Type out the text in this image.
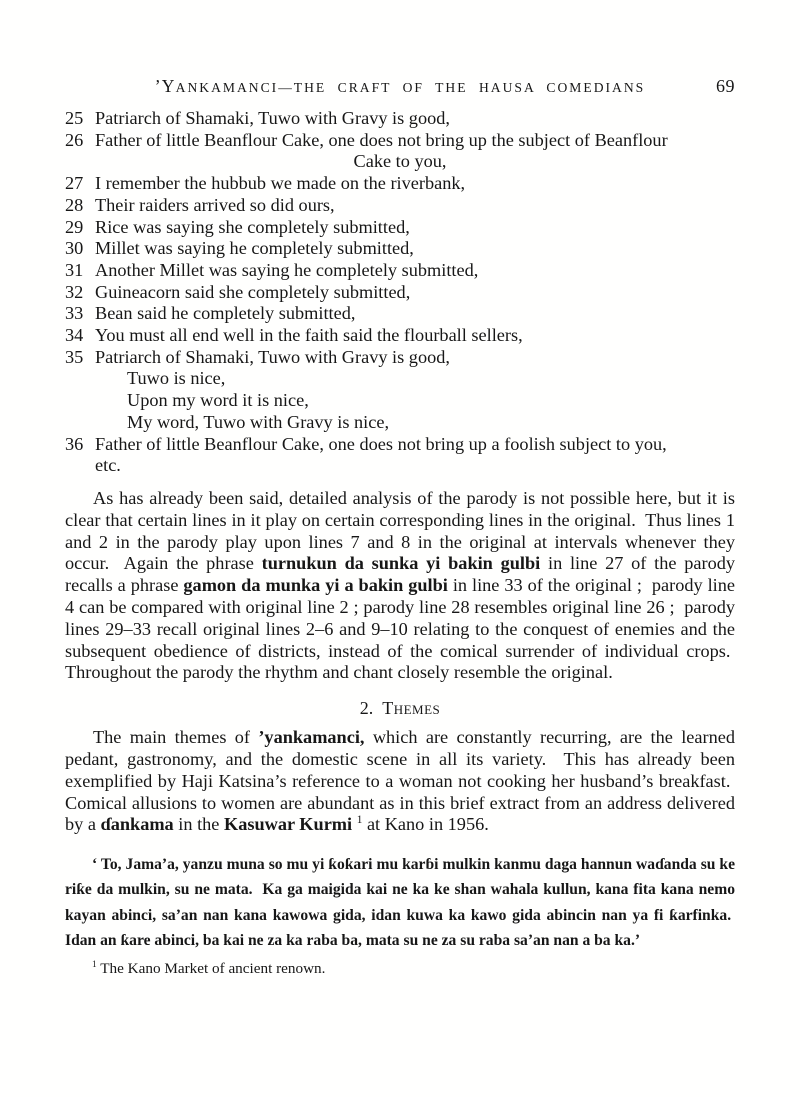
’YANKAMANCI—THE CRAFT OF THE HAUSA COMEDIANS	69
25 Patriarch of Shamaki, Tuwo with Gravy is good,
26 Father of little Beanflour Cake, one does not bring up the subject of Beanflour
Cake to you,
27 I remember the hubbub we made on the riverbank,
28 Their raiders arrived so did ours,
29 Rice was saying she completely submitted,
30 Millet was saying he completely submitted,
31 Another Millet was saying he completely submitted,
32 Guineacorn said she completely submitted,
33 Bean said he completely submitted,
34 You must all end well in the faith said the flourball sellers,
35 Patriarch of Shamaki, Tuwo with Gravy is good,
Tuwo is nice,
Upon my word it is nice,
My word, Tuwo with Gravy is nice,
36 Father of little Beanflour Cake, one does not bring up a foolish subject to you,
etc.

As has already been said, detailed analysis of the parody is not possible here, but it is clear that certain lines in it play on certain corresponding lines in the original.  Thus lines 1 and 2 in the parody play upon lines 7 and 8 in the original at intervals whenever they occur.  Again the phrase turnukun da sunka yi bakin gulbi in line 27 of the parody recalls a phrase gamon da munka yi a bakin gulbi in line 33 of the original ;  parody line 4 can be compared with original line 2 ; parody line 28 resembles original line 26 ;  parody lines 29–33 recall original lines 2–6 and 9–10 relating to the conquest of enemies and the subsequent obedience of districts, instead of the comical surrender of individual crops.  Throughout the parody the rhythm and chant closely resemble the original.

2. Themes

The main themes of ’yankamanci, which are constantly recurring, are the learned pedant, gastronomy, and the domestic scene in all its variety.  This has already been exemplified by Haji Katsina’s reference to a woman not cooking her husband’s breakfast.  Comical allusions to women are abundant as in this brief extract from an address delivered by a ɗankama in the Kasuwar Kurmi $^1$ at Kano in 1956.

‘ To, Jama’a, yanzu muna so mu yi ƙoƙari mu karɓi mulkin kanmu daga hannun waɗanda su ke riƙe da mulkin, su ne mata.  Ka ga maigida kai ne ka ke shan wahala kullun, kana fita kana nemo kayan abinci, sa’an nan kana kawowa gida, idan kuwa ka kawo gida abincin nan ya fi ƙarfinka.  Idan an ƙare abinci, ba kai ne za ka raba ba, mata su ne za su raba sa’an nan a ba ka.’

$^1$ The Kano Market of ancient renown.
